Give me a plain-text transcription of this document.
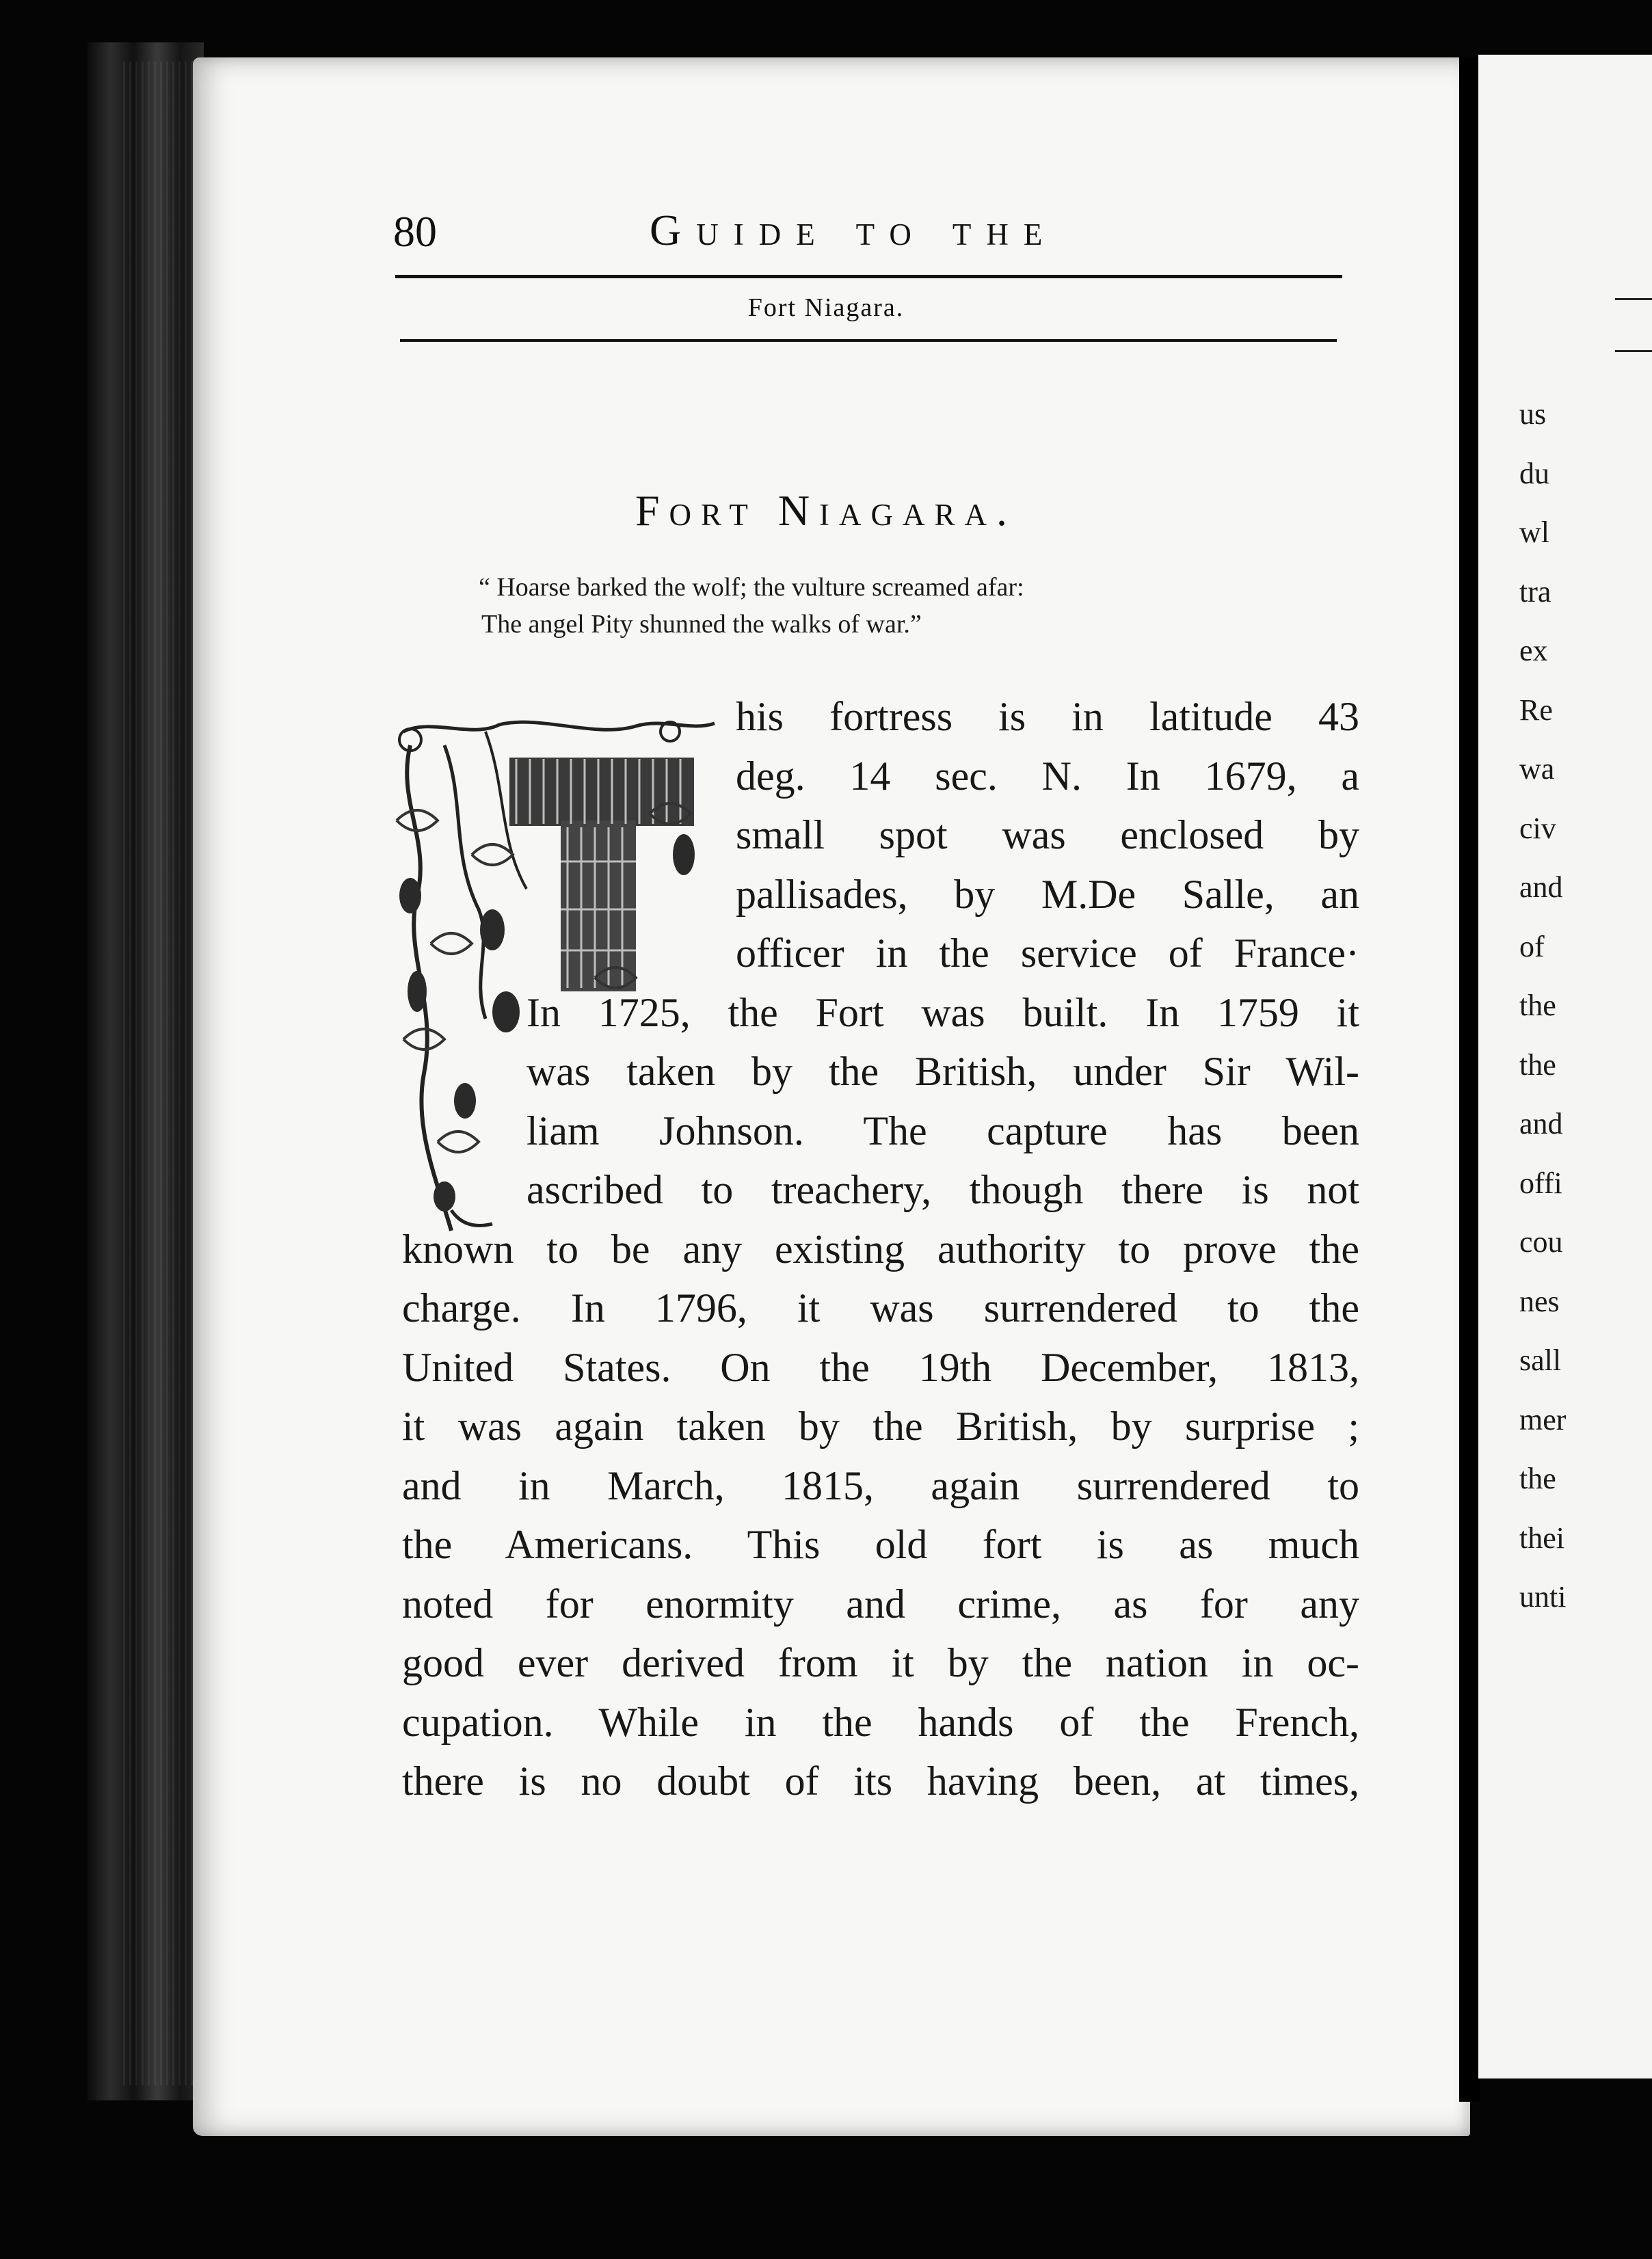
us
du
wl
tra
ex
Re
wa
civ
and
of
the
the
and
offi
cou
nes
sall
mer
the
thei
unti
80	Guide to the
Fort Niagara.
Fort Niagara.
“ Hoarse barked the wolf; the vulture screamed afar:
The angel Pity shunned the walks of war.”
his fortress is in latitude 43
deg. 14 sec. N. In 1679, a
small spot was enclosed by
pallisades, by M.De Salle, an
officer in the service of France·
In 1725, the Fort was built. In 1759 it
was taken by the British, under Sir Wil-
liam Johnson. The capture has been
ascribed to treachery, though there is not
known to be any existing authority to prove the
charge. In 1796, it was surrendered to the
United States. On the 19th December, 1813,
it was again taken by the British, by surprise ;
and in March, 1815, again surrendered to
the Americans. This old fort is as much
noted for enormity and crime, as for any
good ever derived from it by the nation in oc-
cupation. While in the hands of the French,
there is no doubt of its having been, at times,
